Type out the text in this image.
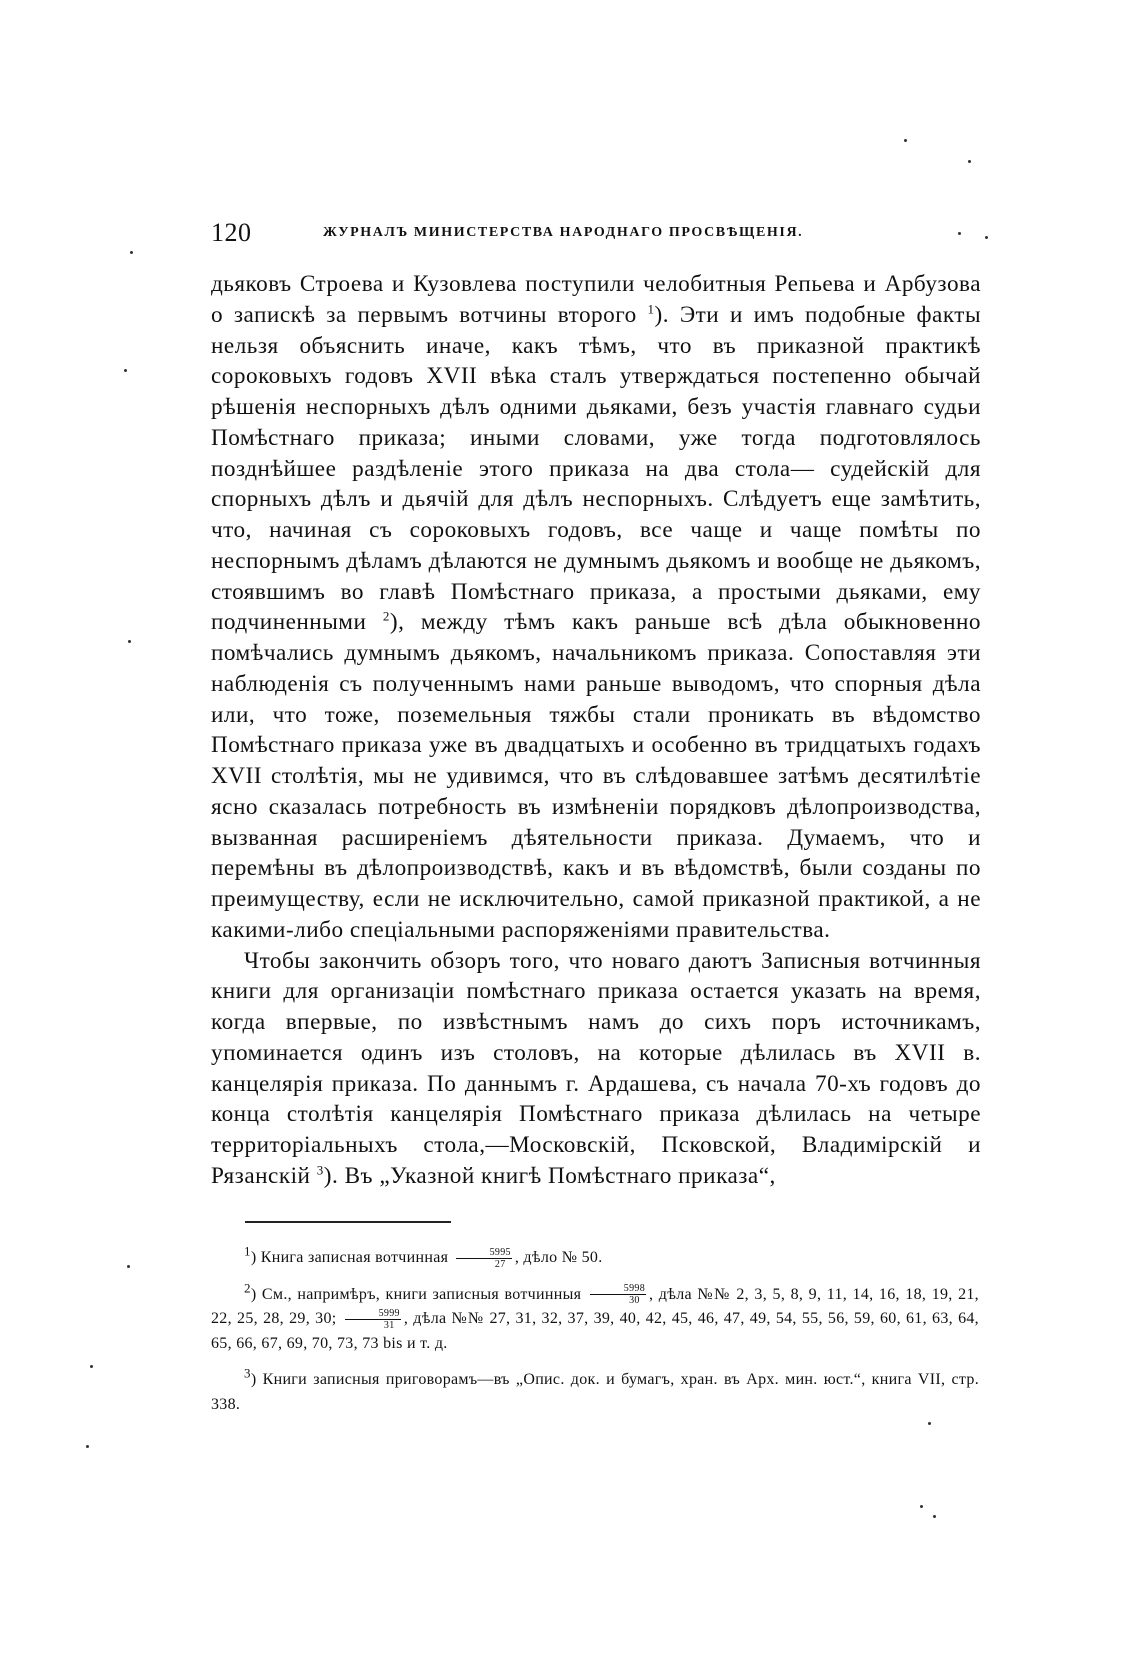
120	ЖУРНАЛЪ МИНИСТЕРСТВА НАРОДНАГО ПРОСВѢЩЕНІЯ.

дьяковъ Строева и Кузовлева поступили челобитныя Репьева и Арбузова о запискѣ за первымъ вотчины второго $^1$). Эти и имъ подобные факты нельзя объяснить иначе, какъ тѣмъ, что въ приказной практикѣ сороковыхъ годовъ XVII вѣка сталъ утверждаться постепенно обычай рѣшенія неспорныхъ дѣлъ одними дьяками, безъ участія главнаго судьи Помѣстнаго приказа; иными словами, уже тогда подготовлялось позднѣйшее раздѣленіе этого приказа на два стола— судейскій для спорныхъ дѣлъ и дьячій для дѣлъ неспорныхъ. Слѣдуетъ еще замѣтить, что, начиная съ сороковыхъ годовъ, все чаще и чаще помѣты по неспорнымъ дѣламъ дѣлаются не думнымъ дьякомъ и вообще не дьякомъ, стоявшимъ во главѣ Помѣстнаго приказа, а простыми дьяками, ему подчиненными $^2$), между тѣмъ какъ раньше всѣ дѣла обыкновенно помѣчались думнымъ дьякомъ, начальникомъ приказа. Сопоставляя эти наблюденія съ полученнымъ нами раньше выводомъ, что спорныя дѣла или, что тоже, поземельныя тяжбы стали проникать въ вѣдомство Помѣстнаго приказа уже въ двадцатыхъ и особенно въ тридцатыхъ годахъ XVII столѣтія, мы не удивимся, что въ слѣдовавшее затѣмъ десятилѣтіе ясно сказалась потребность въ измѣненіи порядковъ дѣлопроизводства, вызванная расширеніемъ дѣятельности приказа. Думаемъ, что и перемѣны въ дѣлопроизводствѣ, какъ и въ вѣдомствѣ, были созданы по преимуществу, если не исключительно, самой приказной практикой, а не какими-либо спеціальными распоряженіями правительства.

Чтобы закончить обзоръ того, что новаго даютъ Записныя вотчинныя книги для организаціи помѣстнаго приказа остается указать на время, когда впервые, по извѣстнымъ намъ до сихъ поръ источникамъ, упоминается одинъ изъ столовъ, на которые дѣлилась въ XVII в. канцелярія приказа. По даннымъ г. Ардашева, съ начала 70-хъ годовъ до конца столѣтія канцелярія Помѣстнаго приказа дѣлилась на четыре территоріальныхъ стола,—Московскій, Псковской, Владимірскій и Рязанскій $^3$). Въ „Указной книгѣ Помѣстнаго приказа“,

$^1$) Книга записная вотчинная $\frac{5995}{27}$ , дѣло № 50.

$^2$) См., напримѣръ, книги записныя вотчинныя $\frac{5998}{30}$ , дѣла №№ 2, 3, 5, 8, 9, 11, 14, 16, 18, 19, 21, 22, 25, 28, 29, 30; $\frac{5999}{31}$ , дѣла №№ 27, 31, 32, 37, 39, 40, 42, 45, 46, 47, 49, 54, 55, 56, 59, 60, 61, 63, 64, 65, 66, 67, 69, 70, 73, 73 bis и т. д.

$^3$) Книги записныя приговорамъ—въ „Опис. док. и бумагъ, хран. въ Арх. мин. юст.“, книга VII, стр. 338.
